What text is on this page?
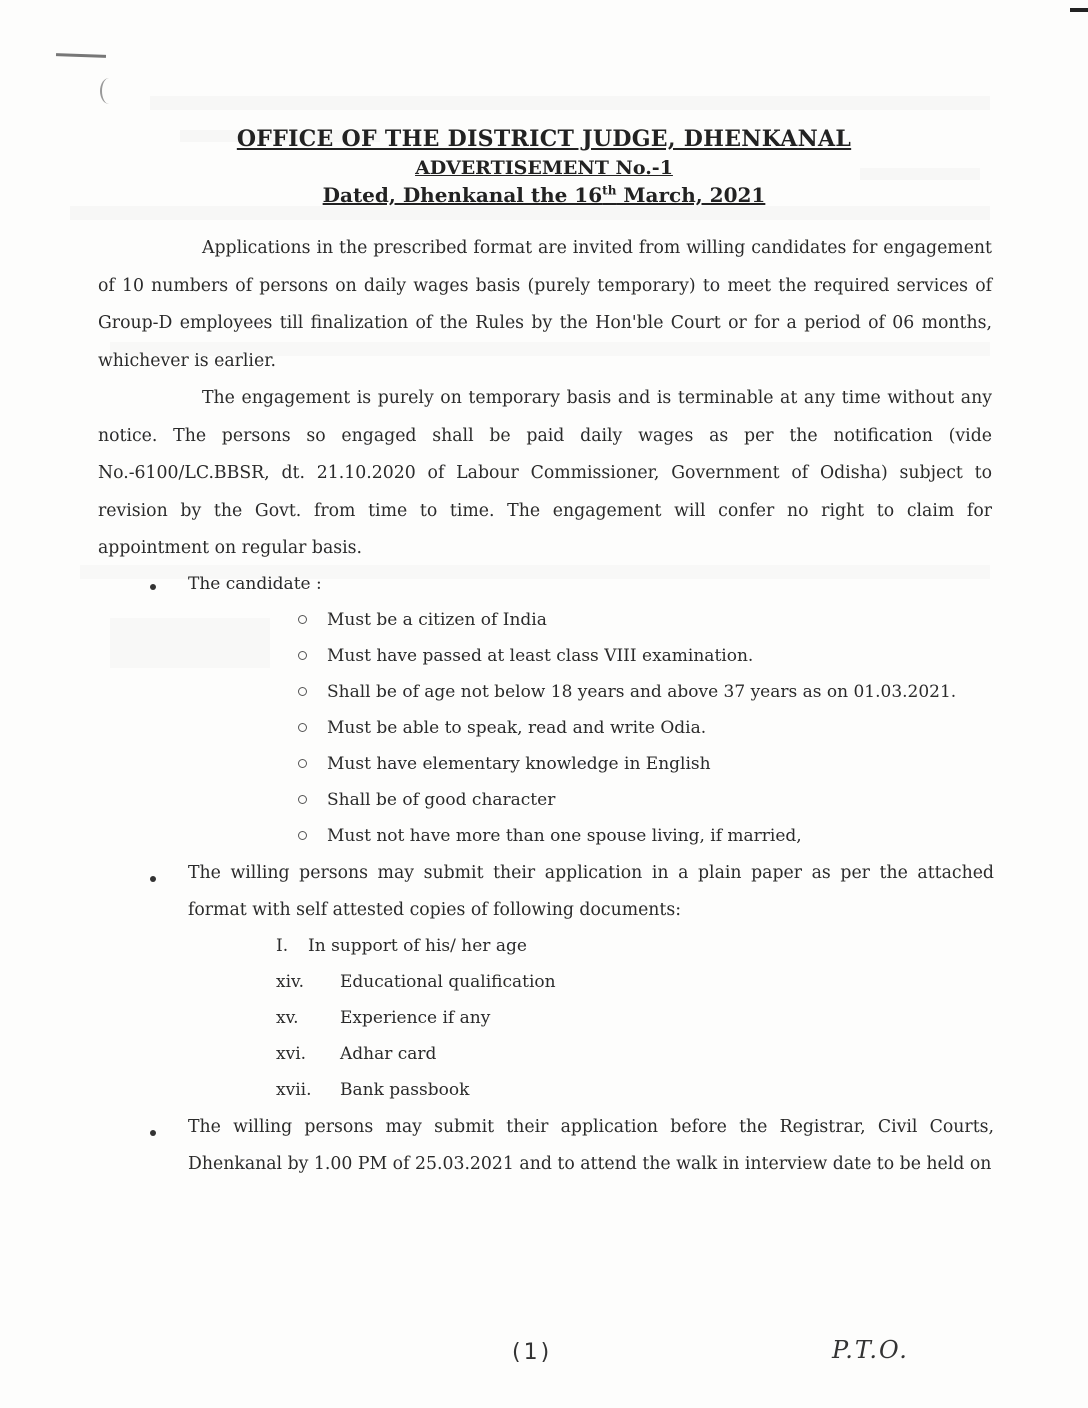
OFFICE OF THE DISTRICT JUDGE, DHENKANAL
ADVERTISEMENT No.-1
Dated, Dhenkanal the 16th March, 2021
Applications in the prescribed format are invited from willing candidates for engagement of 10 numbers of persons on daily wages basis (purely temporary) to meet the required services of Group-D employees till finalization of the Rules by the Hon'ble Court or for a period of 06 months, whichever is earlier.
The engagement is purely on temporary basis and is terminable at any time without any notice. The persons so engaged shall be paid daily wages as per the notification (vide No.-6100/LC.BBSR, dt. 21.10.2020 of Labour Commissioner, Government of Odisha) subject to revision by the Govt. from time to time. The engagement will confer no right to claim for appointment on regular basis.
The candidate :
Must be a citizen of India
Must have passed at least class VIII examination.
Shall be of age not below 18 years and above 37 years as on 01.03.2021.
Must be able to speak, read and write Odia.
Must have elementary knowledge in English
Shall be of good character
Must not have more than one spouse living, if married,
The willing persons may submit their application in a plain paper as per the attached format with self attested copies of following documents:
I. In support of his/ her age
xiv. Educational qualification
xv. Experience if any
xvi. Adhar card
xvii. Bank passbook
The willing persons may submit their application before the Registrar, Civil Courts, Dhenkanal by 1.00 PM of 25.03.2021 and to attend the walk in interview date to be held on
(1)	P.T.O.
